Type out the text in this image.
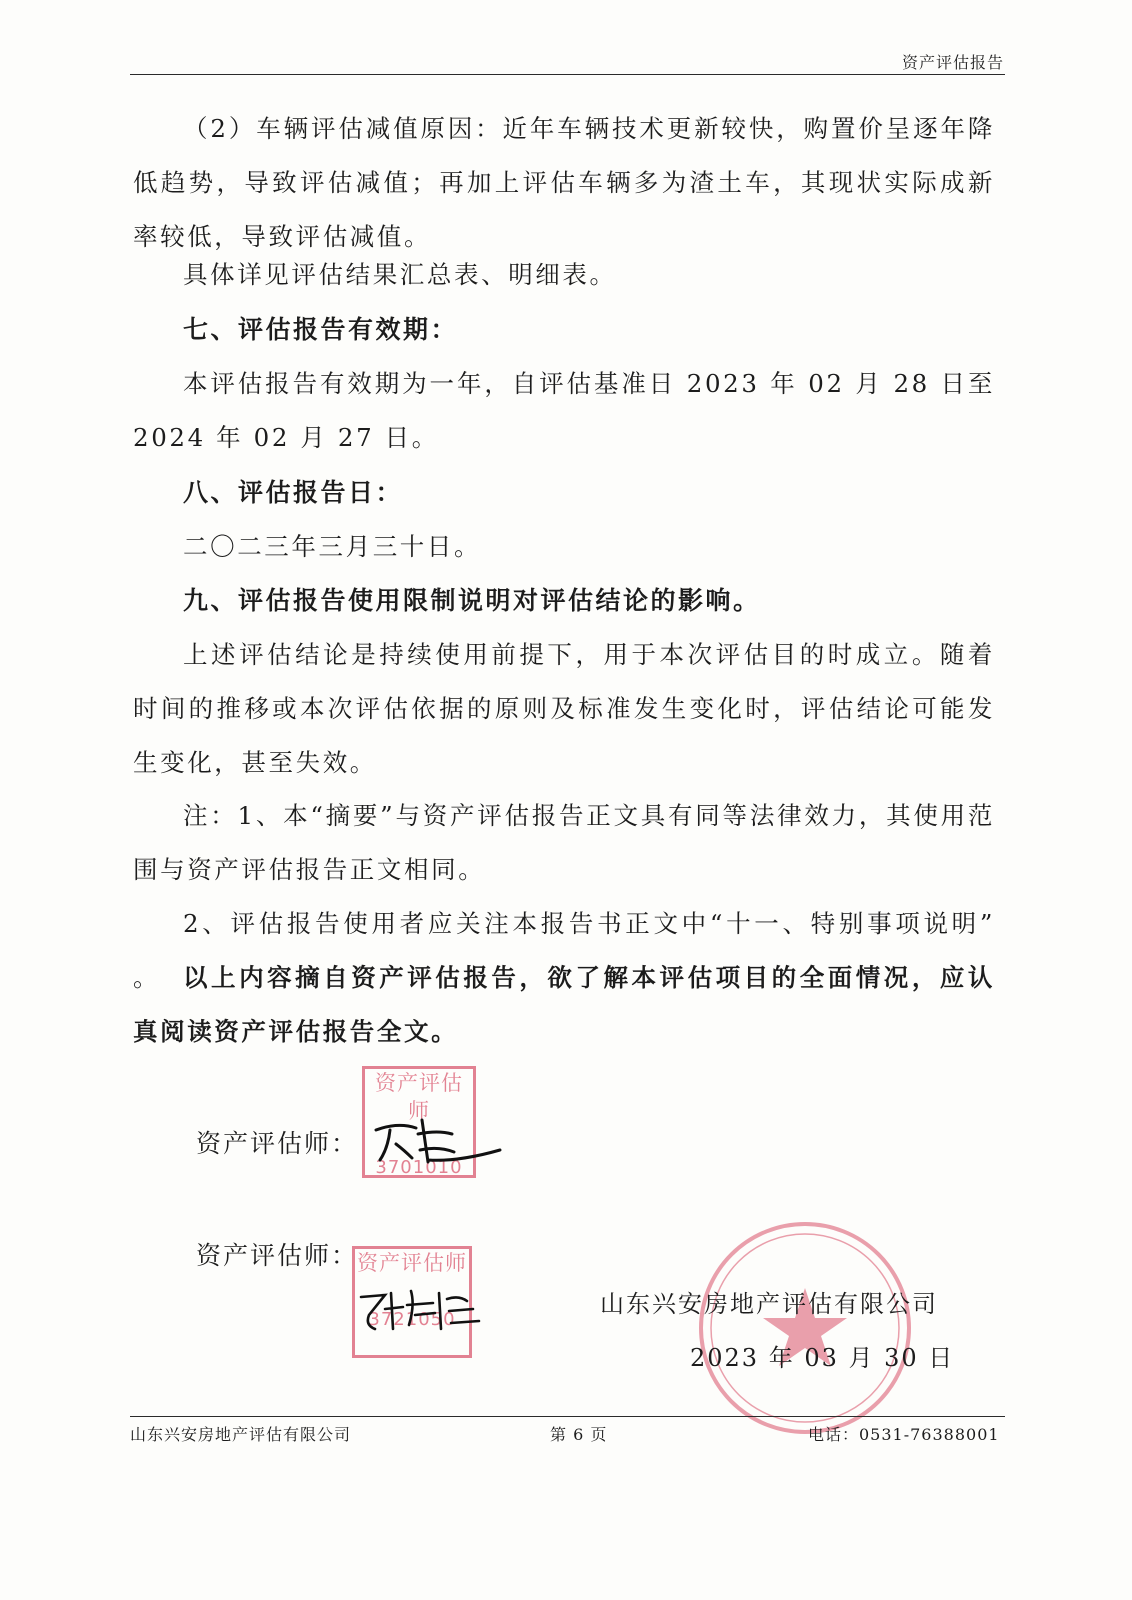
资产评估报告

（2）车辆评估减值原因：近年车辆技术更新较快，购置价呈逐年降低趋势，导致评估减值；再加上评估车辆多为渣土车，其现状实际成新率较低，导致评估减值。

具体详见评估结果汇总表、明细表。

七、评估报告有效期：

本评估报告有效期为一年，自评估基准日 2023 年 02 月 28 日至 2024 年 02 月 27 日。

八、评估报告日：

二〇二三年三月三十日。

九、评估报告使用限制说明对评估结论的影响。

上述评估结论是持续使用前提下，用于本次评估目的时成立。随着时间的推移或本次评估依据的原则及标准发生变化时，评估结论可能发生变化，甚至失效。

注：1、本“摘要”与资产评估报告正文具有同等法律效力，其使用范围与资产评估报告正文相同。

2、评估报告使用者应关注本报告书正文中“十一、特别事项说明” 。 以上内容摘自资产评估报告，欲了解本评估项目的全面情况，应认真阅读资产评估报告全文。

资产评估师：
资产评估师
3701010
资产评估师：
资产评估师
3721050
山东兴安房地产评估有限公司
2023 年 03 月 30 日
山东兴安房地产评估有限公司	第 6 页	电话：0531-76388001
